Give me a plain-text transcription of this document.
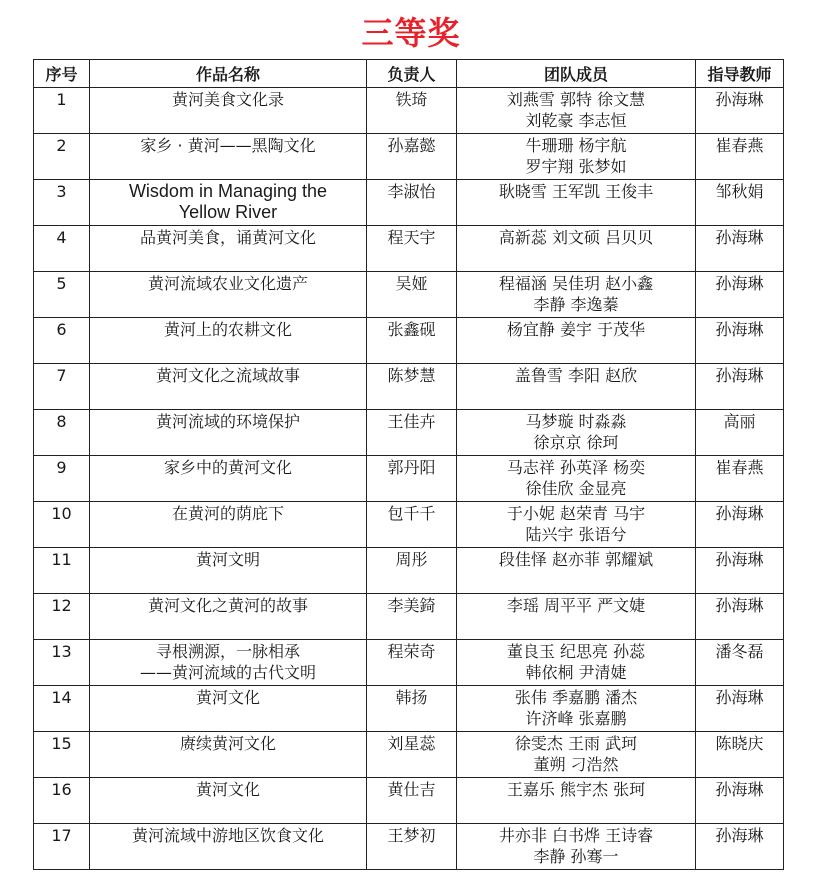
三等奖
序号	作品名称	负责人	团队成员	指导教师
1	黄河美食文化录	铁琦	刘燕雪 郭特 徐文慧
刘乾豪 李志恒	孙海琳
2	家乡 · 黄河——黑陶文化	孙嘉懿	牛珊珊 杨宇航
罗宇翔 张梦如	崔春燕
3	Wisdom in Managing the
Yellow River	李淑怡	耿晓雪 王军凯 王俊丰	邹秋娟
4	品黄河美食，诵黄河文化	程天宇	高新蕊 刘文硕 吕贝贝	孙海琳
5	黄河流域农业文化遗产	吴娅	程福涵 吴佳玥 赵小鑫
李静 李逸蓁	孙海琳
6	黄河上的农耕文化	张鑫砚	杨宜静 姜宇 于茂华	孙海琳
7	黄河文化之流域故事	陈梦慧	盖鲁雪 李阳 赵欣	孙海琳
8	黄河流域的环境保护	王佳卉	马梦璇 时淼淼
徐京京 徐珂	高丽
9	家乡中的黄河文化	郭丹阳	马志祥 孙英泽 杨奕
徐佳欣 金显亮	崔春燕
10	在黄河的荫庇下	包千千	于小妮 赵荣青 马宇
陆兴宇 张语兮	孙海琳
11	黄河文明	周彤	段佳怿 赵亦菲 郭耀斌	孙海琳
12	黄河文化之黄河的故事	李美錡	李瑶 周平平 严文婕	孙海琳
13	寻根溯源，一脉相承
——黄河流域的古代文明	程荣奇	董良玉 纪思亮 孙蕊
韩依桐 尹清婕	潘冬磊
14	黄河文化	韩扬	张伟 季嘉鹏 潘杰
许济峰 张嘉鹏	孙海琳
15	赓续黄河文化	刘星蕊	徐雯杰 王雨 武珂
董朔 刁浩然	陈晓庆
16	黄河文化	黄仕吉	王嘉乐 熊宇杰 张珂	孙海琳
17	黄河流域中游地区饮食文化	王梦初	井亦非 白书烨 王诗睿
李静 孙骞一	孙海琳
